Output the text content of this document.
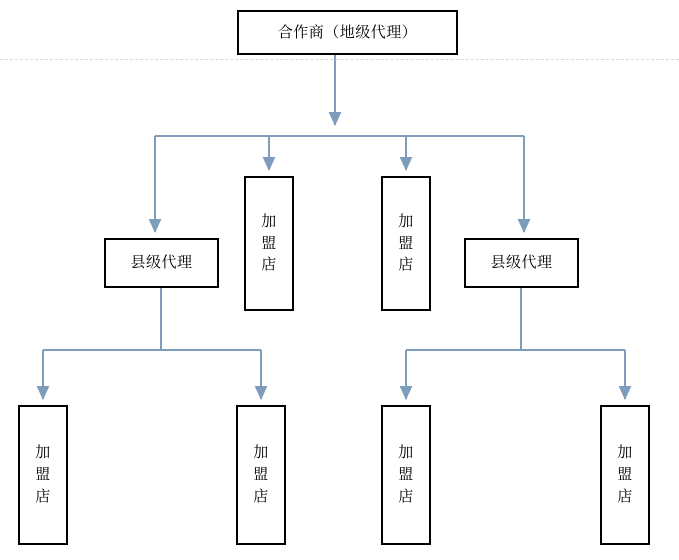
合作商（地级代理）
县级代理	县级代理
加盟店
加盟店
加盟店
加盟店
加盟店
加盟店
